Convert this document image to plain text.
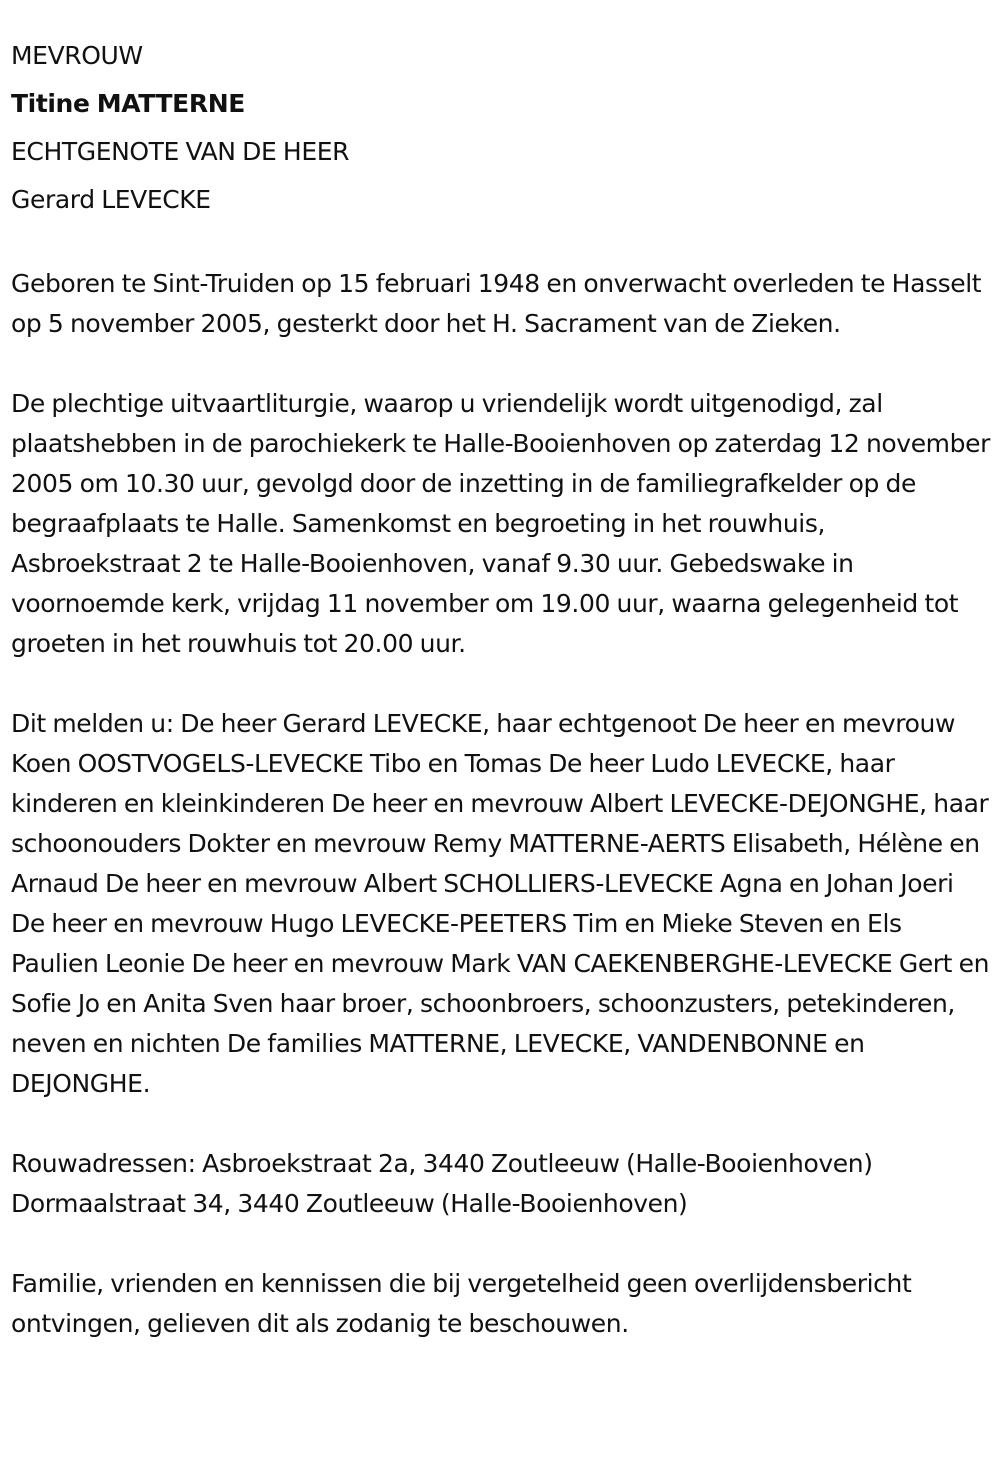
MEVROUW
Titine MATTERNE
ECHTGENOTE VAN DE HEER
Gerard LEVECKE

Geboren te Sint-Truiden op 15 februari 1948 en onverwacht overleden te Hasselt op 5 november 2005, gesterkt door het H. Sacrament van de Zieken.

De plechtige uitvaartliturgie, waarop u vriendelijk wordt uitgenodigd, zal plaatshebben in de parochiekerk te Halle-Booienhoven op zaterdag 12 november 2005 om 10.30 uur, gevolgd door de inzetting in de familiegrafkelder op de begraafplaats te Halle. Samenkomst en begroeting in het rouwhuis, Asbroekstraat 2 te Halle-Booienhoven, vanaf 9.30 uur. Gebedswake in voornoemde kerk, vrijdag 11 november om 19.00 uur, waarna gelegenheid tot groeten in het rouwhuis tot 20.00 uur.

Dit melden u: De heer Gerard LEVECKE, haar echtgenoot De heer en mevrouw Koen OOSTVOGELS-LEVECKE Tibo en Tomas De heer Ludo LEVECKE, haar kinderen en kleinkinderen De heer en mevrouw Albert LEVECKE-DEJONGHE, haar schoonouders Dokter en mevrouw Remy MATTERNE-AERTS Elisabeth, Hélène en Arnaud De heer en mevrouw Albert SCHOLLIERS-LEVECKE Agna en Johan Joeri De heer en mevrouw Hugo LEVECKE-PEETERS Tim en Mieke Steven en Els Paulien Leonie De heer en mevrouw Mark VAN CAEKENBERGHE-LEVECKE Gert en Sofie Jo en Anita Sven haar broer, schoonbroers, schoonzusters, petekinderen, neven en nichten De families MATTERNE, LEVECKE, VANDENBONNE en DEJONGHE.

Rouwadressen: Asbroekstraat 2a, 3440 Zoutleeuw (Halle-Booienhoven)
Dormaalstraat 34, 3440 Zoutleeuw (Halle-Booienhoven)

Familie, vrienden en kennissen die bij vergetelheid geen overlijdensbericht ontvingen, gelieven dit als zodanig te beschouwen.
